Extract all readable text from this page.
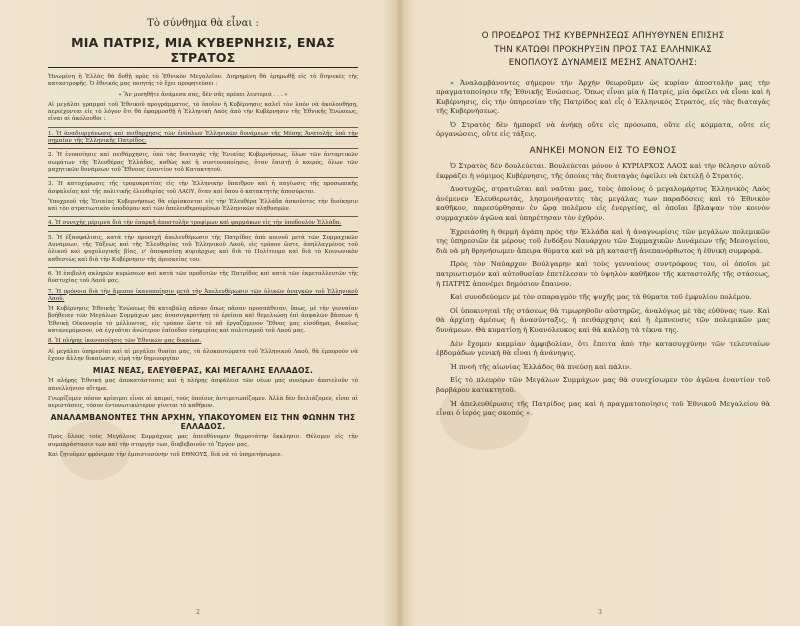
Τὸ σύνθημα θὰ εἶναι :
ΜΙΑ ΠΑΤΡΙΣ, ΜΙΑ ΚΥΒΕΡΝΗΣΙΣ, ΕΝΑΣ ΣΤΡΑΤΟΣ

Ἡνωμένη ἡ Ἑλλὰς θὰ δοθῇ πρὸς τὸ Ἐθνικὸν Μεγαλεῖον. Διηρημένη θὰ ἐρημωθῇ εἰς τὸ διηνεκὲς τῆς καταστροφῆς. Ὁ ἔθνικός μας ποιητής τὸ ἔχει προφητεύσει :

« Ἂν μισηθῆτε ἀνάμεσα σας, δὲν σᾶς πρέπει λευτεριά . . . »

Αἱ μεγάλαι γραμμαὶ τοῦ Ἐθνικοῦ προγράμματος, τὸ ὁποῖον ἡ Κυβέρνησις καλεῖ τὸν λαόν νὰ ἀκολουθήσῃ, περιέχονται εἰς τὸ λόγον ὅτι θὰ ἐφαρμοσθῇ ἡ Ἑλληνικὴ Λαὸς ἀπὸ τὴν Κυβέρνησιν τῆς Ἐθνικῆς Ἑνώσεως, εἶναι αἱ ἀκόλουθοι :

1. Ἡ ἀναδιοργάνωσις καὶ πειθαρχησις τῶν ἐνόπλων Ἑλληνικῶν δυνάμεων τῆς Μέσης Ἀνατολῆς ὑπὸ τὴν σημαίαν τῆς Ἑλληνικῆς Πατρίδος.

2. Ἡ ἐνοποίησις καὶ πειθάρχησις, ὑπὸ τὰς διαταγὰς τῆς Ἐνιαίας Κυβερνήσεως, ὅλων τῶν ἀνταρτικῶν σωμάτων τῆς Ἐλευθέρας Ἑλλάδος, καθὼς καὶ ἡ συντονοποίησις, ὅταν ἔπιστῇ ὁ καιρός, ὅλων τῶν μαχητικῶν δυνάμεων τοῦ Ἔθνους ἐναντίον τοῦ Κατακτητοῦ.

3. Ἡ κατοχύρωσις τῆς τρομοκρατίας εἰς τὴν Ἑλληνικὴν ὕπαιθρον καὶ ἡ παγίωσις τῆς προσωπικῆς ἀσφαλείας καὶ τῆς πολιτικῆς ἐλευθερίας τοῦ ΛΑΟΥ, ὅταν καὶ ὅπου ὁ κατακτητὴς ἀποσύρεται.

Ὑποχρεοῦ τῆς Ἐνιαίας Κυβερνήσεως θὰ εὑρίσκονται εἰς τὴν Ἐλευθέρα Ἑλλάδα ἀσκοῦντες τὴν διοίκησιν καὶ τὸν στρατιωτικὸν ὑποδόμαν καὶ τῶν ἀπελευθερουμένων Ἑλληνικῶν πληθυσμῶν.

4. Ἡ συνεχὴς μέριμνα διὰ τὴν ἐπαρκῆ ἀποστολὴν τροφίμων καὶ φαρμάκων εἰς τὴν ὑποδουλὸν Ἑλλάδα.

5. Ἡ ἐξασφάλισις, κατὰ τὴν προσεχῆ ἀπελευθέρωσιν τῆς Πατρίδος ἀπὸ κοινοῦ μετὰ τῶν Συμμαχικῶν Δυνάμεων, τῆς Τάξεως καὶ τῆς Ἐλευθερίας τοῦ Ἑλληνικοῦ Λαοῦ, εἰς τρόπον ὥστε, ἀπηλλαγμένος τοῦ ὀλικοῦ καὶ ψυχολογικῆς βίας, ν' ἀποφασίσῃ κυριάρχως καὶ διὰ τὸ Πολίτευμα καὶ διὰ τὸ Κοινωνικὸν καθεστὼς καὶ διὰ τὴν Κυβέρνησιν τῆς ἀρεσκείας του.

6. Ἡ ἐπιβολὴ σκληρῶν κυρώσεων καὶ κατὰ τῶν προδοτῶν τῆς Πατρίδος καὶ κατὰ τῶν ἐκμεταλλευτῶν τῆς δυστυχίας τοῦ Λαοῦ μας.

7. Ἡ πρόνοια διὰ τὴν ἄμεσον ἱκανοποίησιν μετὰ τὴν Ἀπελευθέρωσιν τῶν ὑλικῶν ἀναγκῶν τοῦ Ἑλληνικοῦ Λαοῦ.

Ἡ Κυβέρνησις Ἐθνικῆς Ἑνώσεως θὰ καταβάλῃ πᾶσαν ὅπως πᾶσαν προσπάθειαν, ὅπως, μὲ τὴν γενναίαν βοήθειαν τῶν Μεγάλων Συμμάχων μας ἀνασυγκροτήσῃ τὸ ἐρείπια καὶ θεμελιώσῃ ἐπὶ ἀσφαλῶν βάσεων ἡ Ἐθνικὴ Οἰκονομία τὸ μέλλοντος, εἰς τρόπον ὥστε τὸ πᾶ ἐργαζόμενον Ἔθνος μας εἰσόδημα, δικαίως κατανεμόμενον, νὰ ἐγγυᾶται ἀνώτερον ἐπίπεδον εὐημερίας καὶ πολιτισμοῦ τοῦ Λαοῦ μας.

8. Ἡ πλήρης ἱκανοποίησις τῶν Ἐθνικῶν μας δικαίων.

Αἱ μεγάλαι ὑπηρεσίαι καὶ αἱ μεγάλαι θυσίαι μας, τὰ ἀλοκαυτώματα τοῦ Ἑλληνικοῦ Λαοῦ, θὰ ἐμπορούν νὰ ἔχουν ἄλλην δικαίωσιν, εἰμὴ τὴν δημιουργίαν

ΜΙΑΣ ΝΕΑΣ, ΕΛΕΥΘΕΡΑΣ, ΚΑΙ ΜΕΓΑΛΗΣ ΕΛΛΑΔΟΣ.

Ἡ πλήρης Ἐθνική μας ἀποκατάστασις καὶ ἡ πλήρης ἀσφάλεια τῶν νέων μας συνόρων ἀποτελοῦν τὸ πανελλήνιον αἴτημα.

Γνωρίζομεν πόσον κρίσιμοι εἶναι αἱ καιροί, τοὺς ὁποίους ἀντιμετωπίζομεν. Ἀλλὰ δὲν δειλιάζομεν, εἶναι αἱ περιστάσεις, τόσον ἐντονωτικώτερον γίνεται τὸ καθῆκον.

ΑΝΑΛΑΜΒΑΝΟΝΤΕΣ ΤΗΝ ΑΡΧΗΝ, ΥΠΑΚΟΥΟΜΕΝ ΕΙΣ ΤΗΝ ΦΩΝΗΝ ΤΗΣ ΕΛΛΑΔΟΣ.

Πρὸς ὅλους τοὺς Μεγάλους Συμμάχους μας ἀπευθύνομεν θερμοτάτην ἔκκλησιν. Θέλομεν εἰς τὴν συμπαράστασιν των καὶ τὴν στοργήν των, διαβεβαιοῦν τὸ Ἔργον μας.

Καὶ ζητοῦμεν φρόνιμον τὴν ἐμπιστοσύνην τοῦ ΕΘΝΟΥΣ, διὰ νὰ τὸ ὑπηρετήσωμεν.

2
Ο ΠΡΟΕΔΡΟΣ ΤΗΣ ΚΥΒΕΡΝΗΣΕΩΣ ΑΠΗΥΘΥΝΕΝ ΕΠΙΣΗΣ
ΤΗΝ ΚΑΤΩΘΙ ΠΡΟΚΗΡΥΞΙΝ ΠΡΟΣ ΤΑΣ ΕΛΛΗΝΙΚΑΣ
ΕΝΟΠΛΟΥΣ ΔΥΝΑΜΕΙΣ ΜΕΣΗΣ ΑΝΑΤΟΛΗΣ:

« Ἀναλαμβάνοντες σήμερον τὴν Ἀρχὴν θεωροῦμεν ὡς κυρίαν ἀποστολήν μας τὴν πραγματοποίησιν τῆς Ἐθνικῆς Ἑνώσεως. Ὅπως εἶναι μία ἡ Πατρίς, μία ὀφείλει νὰ εἶναι καὶ ἡ Κυβέρνησις, εἰς τὴν ὑπηρεσίαν τῆς Πατρίδος καὶ εἷς ὁ Ἑλληνικὸς Στρατός, εἰς τὰς διαταγὰς τῆς Κυβερνήσεως.

Ὁ Στρατὸς δὲν ἠμπορεῖ νὰ ἀνήκῃ οὔτε εἰς πρόσωπα, οὔτε εἰς κόμματα, οὔτε εἰς ὀργανώσεις, οὔτε εἰς τάξεις.

ΑΝΗΚΕΙ ΜΟΝΟΝ ΕΙΣ ΤΟ ΕΘΝΟΣ

Ὁ Στρατὸς δὲν δουλεύεται. Βουλεύεται μόνον ὁ ΚΥΡΙΑΡΧΟΣ ΛΑΟΣ καὶ τὴν θέλησιν αὐτοῦ ἐκφράζει ἡ νόμιμος Κυβέρνησις, τῆς ὁποίας τὰς διαταγὰς ὀφείλει νὰ ἐκτελῇ ὁ Στρατός.

Δυστυχῶς, στρατιῶται καὶ ναῦται μας, τοὺς ὁποίους ὁ μεγαλομάρτυς Ἑλληνικὸς Λαὸς ἀνέμενεν Ἐλευθερωτάς, λησμονήσαντες τὰς μεγάλας των παραδόσεις καὶ τὸ Ἐθνικὸν καθῆκον, παρεσύρθησαν ἐν ὥρᾳ πολέμου εἰς ἐνεργείας, αἱ ὁποῖαι ἔβλαψαν τὸν κοινὸν συμμαχικὸν ἀγῶνα καὶ ὑπηρέτησαν τὸν ἐχθρόν.

Ἐχρειάσθη ἡ θερμὴ ἀγάπη πρὸς τὴν Ἑλλάδα καὶ ἡ ἀναγνωρίσις τῶν μεγάλων πολεμικῶν της ὑπηρεσιῶν ἐκ μέρους τοῦ ἐνδόξου Ναυάρχου τῶν Συμμαχικῶν Δυνάμεων τῆς Μεσογείου, διὰ νὰ μὴ θρηνήσωμεν ἄπειρα θύματα καὶ νὰ μὴ καταστῇ ἀνεπανόρθωτος ἡ ἐθνικὴ συμφορά.

Πρὸς τὸν Ναύαρχον Βούλγαρην καὶ τοὺς γενναίους συντρόφους του, οἱ ὁποῖοι μὲ πατριωτισμὸν καὶ αὐτοθυσίαν ἐπετέλεσαν τὸ ὑψηλὸν καθῆκον τῆς καταστολῆς τῆς στάσεως, ἡ ΠΑΤΡΙΣ ἀπονέμει δημόσιον ἔπαινον.

Καὶ συνοδεύομεν μὲ τὸν σπαραγμὸν τῆς ψυχῆς μας τὰ θύματα τοῦ ἐμφυλίου πολέμου.

Οἱ ὑποκινηταὶ τῆς στάσεως θὰ τιμωρηθοῦν αὐστηρῶς, ἀναλόγως μὲ τὰς εὐθύνας των. Καὶ θὰ ἀρχίσῃ ἀμέσως ἡ ἀνασύνταξις, ἡ πειθάρχησις καὶ ἡ ἐμπνευσις τῶν πολεμικῶν μας δυνάμεων. Θὰ κυματίσῃ ἡ Κυανόλευκος καὶ θὰ καλέσῃ τὰ τέκνα της.

Δὲν ἔχομεν καμμίαν ἀμφιβολίαν, ὅτι ἔπειτα ἀπὸ τὴν κατασυγχύνην τῶν τελευταίων ἑβδομάδων γενικὴ θὰ εἶναι ἡ ἀνάνηψις.

Ἡ πνοὴ τῆς αἰωνίας Ἑλλάδος θὰ πνεύσῃ καὶ πάλιν.

Εἰς τὸ πλευρὸν τῶν Μεγάλων Συμμάχων μας θὰ συνεχίσωμεν τὸν ἀγῶνα ἐναντίον τοῦ βαρβάρου κατακτητοῦ.

Ἡ ἀπελευθέρωσις τῆς Πατρίδος μας καὶ ἡ πραγματοποίησις τοῦ Ἐθνικοῦ Μεγαλείου θὰ εἶναι ὁ ἱερός μας σκοπός ».

3
